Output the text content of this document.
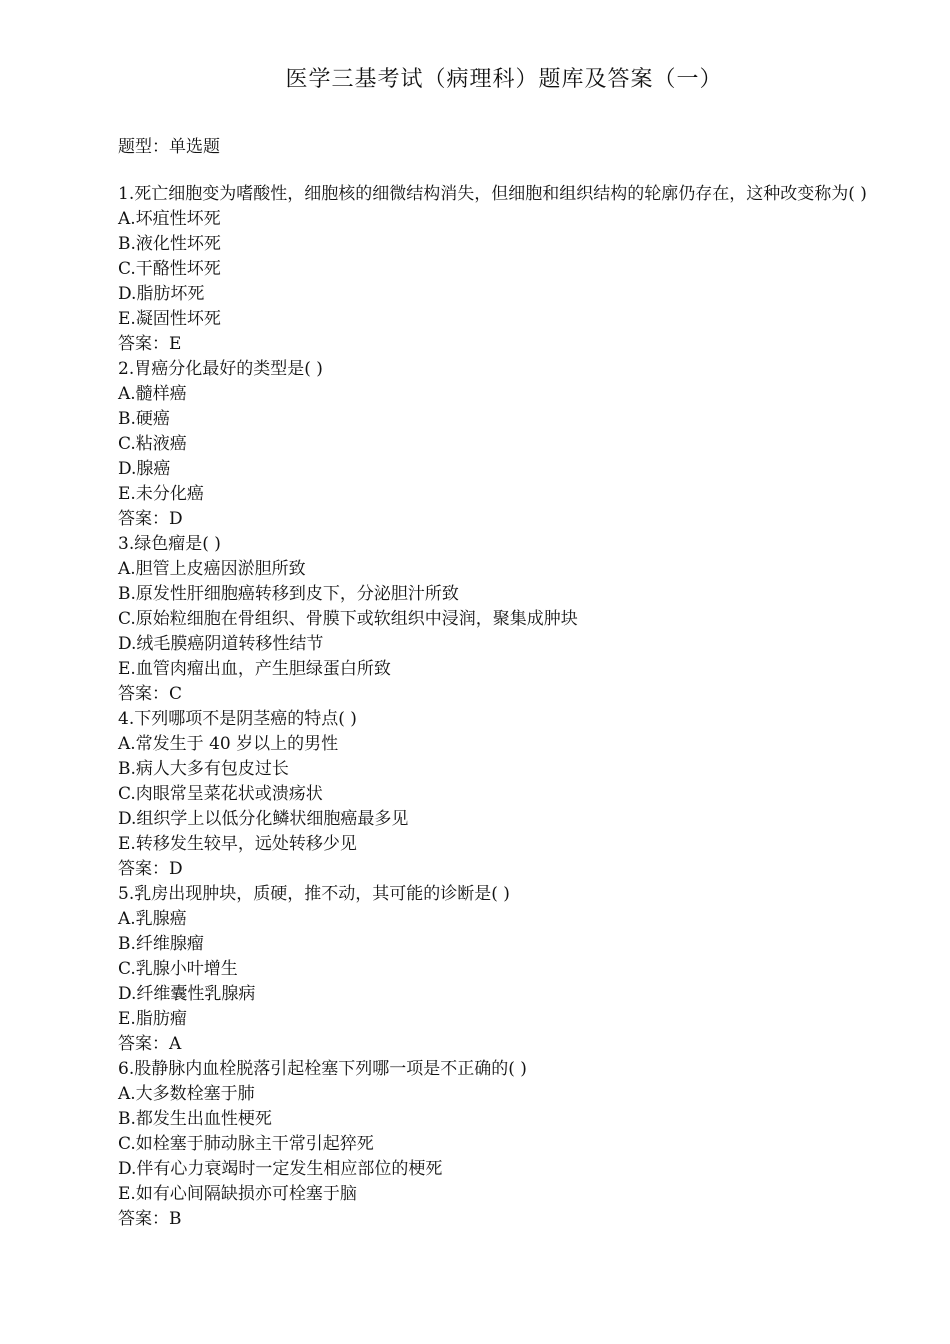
医学三基考试（病理科）题库及答案（一）
题型：单选题
1.死亡细胞变为嗜酸性，细胞核的细微结构消失，但细胞和组织结构的轮廓仍存在，这种改变称为( )
A.坏疽性坏死
B.液化性坏死
C.干酪性坏死
D.脂肪坏死
E.凝固性坏死
答案：E
2.胃癌分化最好的类型是( )
A.髓样癌
B.硬癌
C.粘液癌
D.腺癌
E.未分化癌
答案：D
3.绿色瘤是( )
A.胆管上皮癌因淤胆所致
B.原发性肝细胞癌转移到皮下，分泌胆汁所致
C.原始粒细胞在骨组织、骨膜下或软组织中浸润，聚集成肿块
D.绒毛膜癌阴道转移性结节
E.血管肉瘤出血，产生胆绿蛋白所致
答案：C
4.下列哪项不是阴茎癌的特点( )
A.常发生于 40 岁以上的男性
B.病人大多有包皮过长
C.肉眼常呈菜花状或溃疡状
D.组织学上以低分化鳞状细胞癌最多见
E.转移发生较早，远处转移少见
答案：D
5.乳房出现肿块，质硬，推不动，其可能的诊断是( )
A.乳腺癌
B.纤维腺瘤
C.乳腺小叶增生
D.纤维囊性乳腺病
E.脂肪瘤
答案：A
6.股静脉内血栓脱落引起栓塞下列哪一项是不正确的( )
A.大多数栓塞于肺
B.都发生出血性梗死
C.如栓塞于肺动脉主干常引起猝死
D.伴有心力衰竭时一定发生相应部位的梗死
E.如有心间隔缺损亦可栓塞于脑
答案：B
